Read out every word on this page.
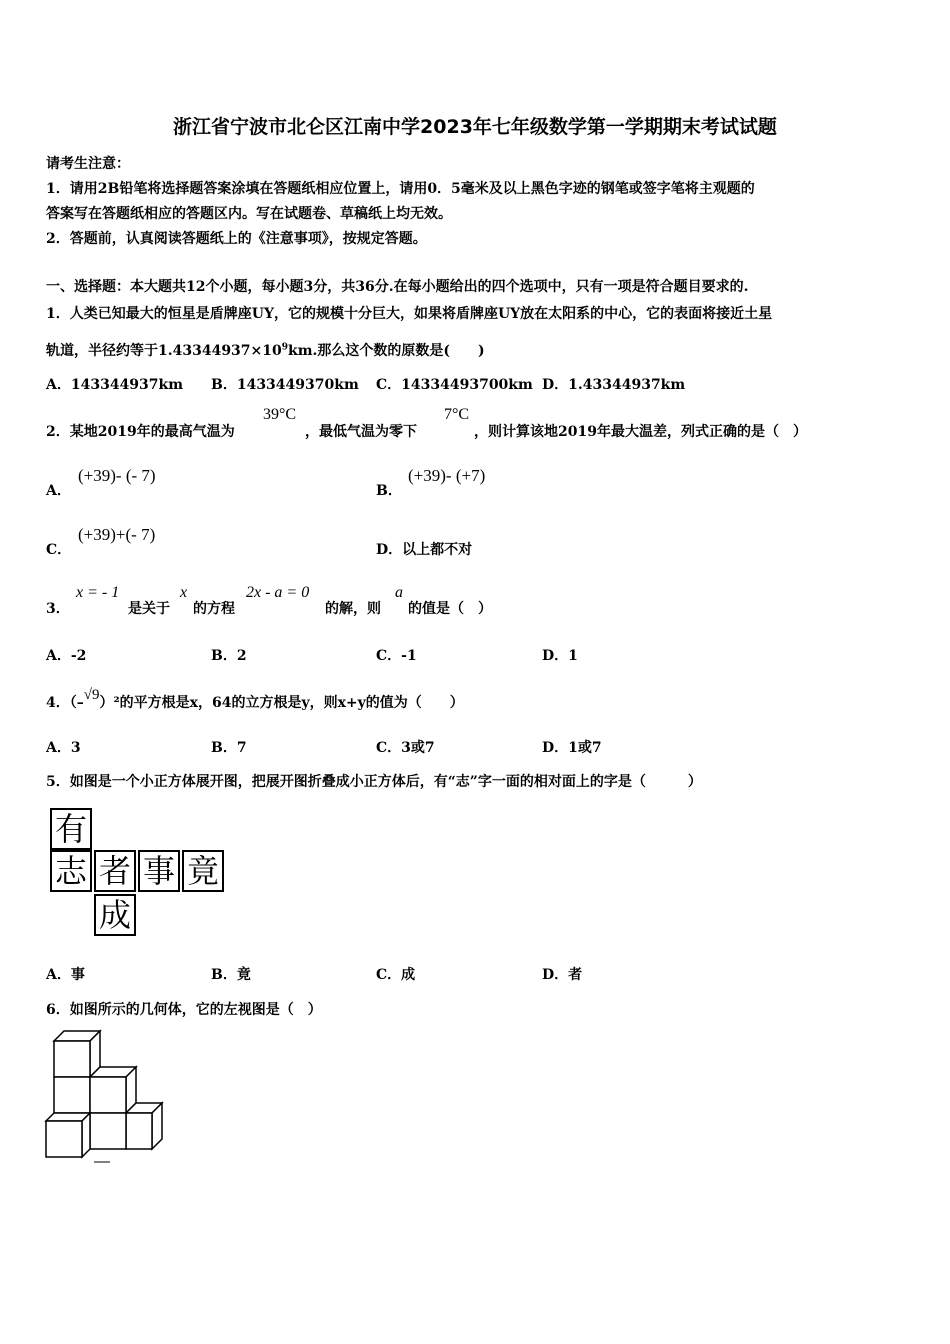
浙江省宁波市北仑区江南中学2023年七年级数学第一学期期末考试试题
请考生注意：
1．请用2B铅笔将选择题答案涂填在答题纸相应位置上，请用0．5毫米及以上黑色字迹的钢笔或签字笔将主观题的
答案写在答题纸相应的答题区内。写在试题卷、草稿纸上均无效。
2．答题前，认真阅读答题纸上的《注意事项》，按规定答题。
一、选择题：本大题共12个小题，每小题3分，共36分.在每小题给出的四个选项中，只有一项是符合题目要求的.
1．人类已知最大的恒星是盾牌座UY，它的规模十分巨大，如果将盾牌座UY放在太阳系的中心，它的表面将接近土星
轨道，半径约等于$1.43344937\times 10^9km$.那么这个数的原数是(　　)
A．143344937km B．1433449370km C．14334493700km D．1.43344937km
2．某地2019年的最高气温为
39°C
，最低气温为零下
7°C
，则计算该地2019年最大温差，列式正确的是（　）
A．
(+39)- (- 7)
B．
(+39)- (+7)
C．
(+39)+(- 7)
D．以上都不对
3．
x = - 1
是关于
x
的方程
2x - a = 0
的解，则
a
的值是（　）
A．-2	B．2	C．-1	D．1
4．（–√9）²的平方根是x，64的立方根是y，则x+y的值为（　　）
A．3	B．7	C．3或7	D．1或7
5．如图是一个小正方体展开图，把展开图折叠成小正方体后，有“志”字一面的相对面上的字是（　　　）
有
志 者 事 竟
成
A．事	B．竟	C．成	D．者
6．如图所示的几何体，它的左视图是（　）
